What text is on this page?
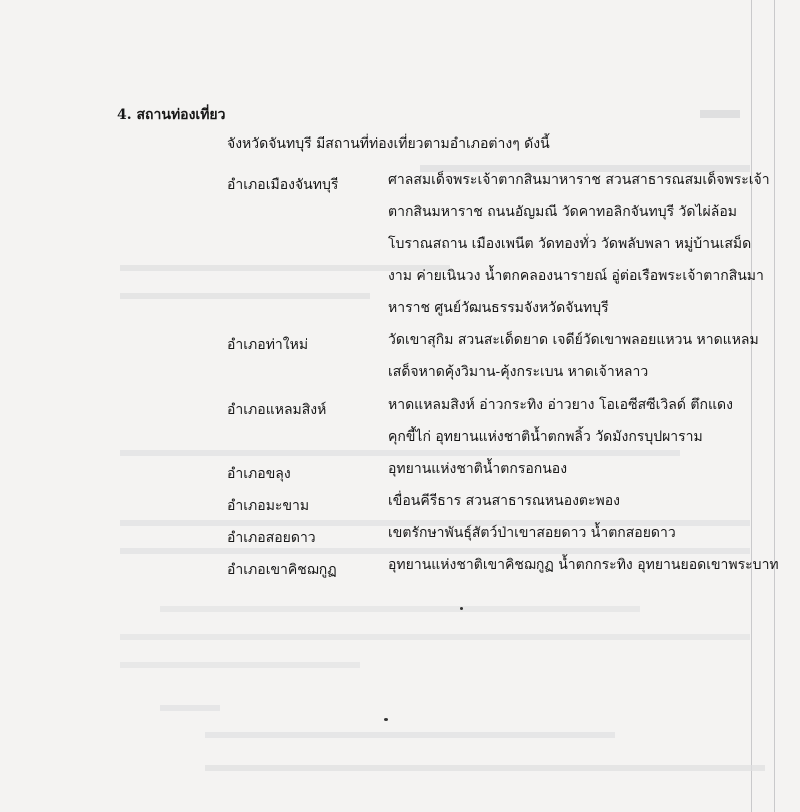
4. สถานท่องเที่ยว
จังหวัดจันทบุรี มีสถานที่ท่องเที่ยวตามอำเภอต่างๆ ดังนี้
อำเภอเมืองจันทบุรี	ศาลสมเด็จพระเจ้าตากสินมาหาราช สวนสาธารณสมเด็จพระเจ้า
ตากสินมหาราช ถนนอัญมณี วัดคาทอลิกจันทบุรี วัดไผ่ล้อม
โบราณสถาน เมืองเพนีต วัดทองทั่ว วัดพลับพลา หมู่บ้านเสม็ด
งาม ค่ายเนินวง น้ำตกคลองนารายณ์ อู่ต่อเรือพระเจ้าตากสินมา
หาราช ศูนย์วัฒนธรรมจังหวัดจันทบุรี
อำเภอท่าใหม่	วัดเขาสุกิม สวนสะเด็ดยาด เจดีย์วัดเขาพลอยแหวน หาดแหลม
เสด็จหาดคุ้งวิมาน-คุ้งกระเบน หาดเจ้าหลาว
อำเภอแหลมสิงห์	หาดแหลมสิงห์ อ่าวกระทิง อ่าวยาง โอเอซีสซีเวิลด์ ตึกแดง
คุกขี้ไก่ อุทยานแห่งชาติน้ำตกพลิ้ว วัดมังกรบุปผาราม
อำเภอขลุง	อุทยานแห่งชาติน้ำตกรอกนอง
อำเภอมะขาม	เขื่อนคีรีธาร สวนสาธารณหนองตะพอง
อำเภอสอยดาว	เขตรักษาพันธุ์สัตว์ป่าเขาสอยดาว น้ำตกสอยดาว
อำเภอเขาคิชฌกูฏ	อุทยานแห่งชาติเขาคิชฌกูฏ น้ำตกกระทิง อุทยานยอดเขาพระบาท
